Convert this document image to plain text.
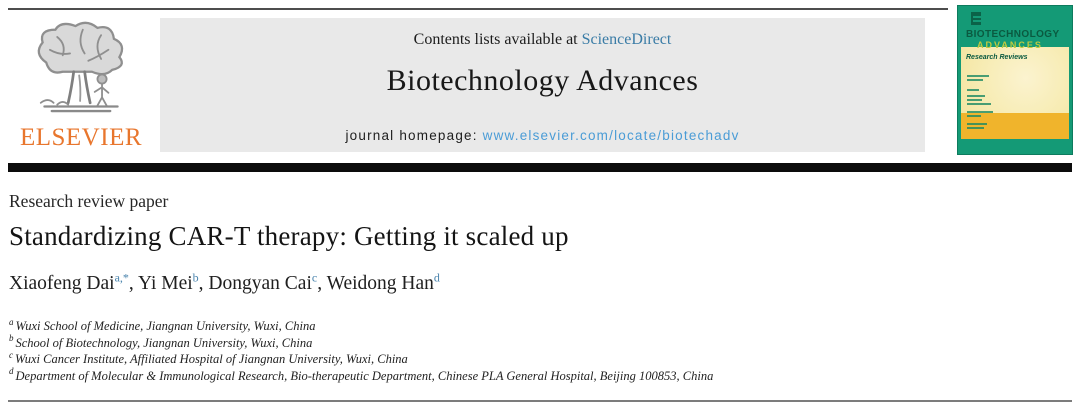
ELSEVIER
Contents lists available at ScienceDirect
Biotechnology Advances
journal homepage: www.elsevier.com/locate/biotechadv
BIOTECHNOLOGY
ADVANCES
Research Reviews
Research review paper
Standardizing CAR-T therapy: Getting it scaled up
Xiaofeng Dai$^{a,*}$, Yi Mei$^b$, Dongyan Cai$^c$, Weidong Han$^d$
$^a$ Wuxi School of Medicine, Jiangnan University, Wuxi, China
$^b$ School of Biotechnology, Jiangnan University, Wuxi, China
$^c$ Wuxi Cancer Institute, Affiliated Hospital of Jiangnan University, Wuxi, China
$^d$ Department of Molecular & Immunological Research, Bio-therapeutic Department, Chinese PLA General Hospital, Beijing 100853, China
